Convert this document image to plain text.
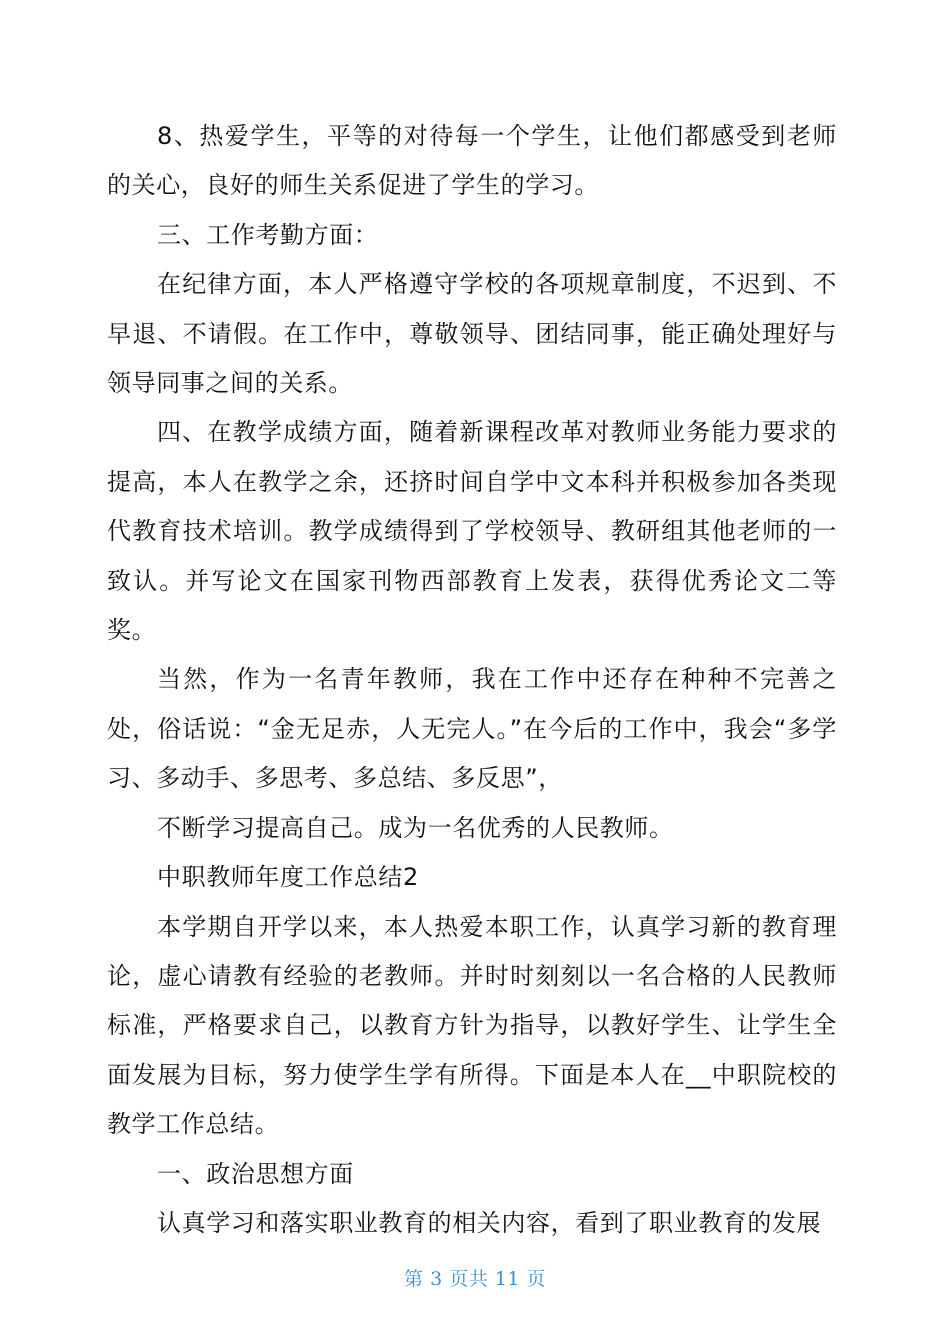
8、热爱学生，平等的对待每一个学生，让他们都感受到老师的关心，良好的师生关系促进了学生的学习。

三、工作考勤方面：

在纪律方面，本人严格遵守学校的各项规章制度，不迟到、不早退、不请假。在工作中，尊敬领导、团结同事，能正确处理好与领导同事之间的关系。

四、在教学成绩方面，随着新课程改革对教师业务能力要求的提高，本人在教学之余，还挤时间自学中文本科并积极参加各类现代教育技术培训。教学成绩得到了学校领导、教研组其他老师的一致认。并写论文在国家刊物西部教育上发表，获得优秀论文二等奖。

当然，作为一名青年教师，我在工作中还存在种种不完善之处，俗话说：“金无足赤，人无完人。”在今后的工作中，我会“多学习、多动手、多思考、多总结、多反思”，

不断学习提高自己。成为一名优秀的人民教师。

中职教师年度工作总结2

本学期自开学以来，本人热爱本职工作，认真学习新的教育理论，虚心请教有经验的老教师。并时时刻刻以一名合格的人民教师标准，严格要求自己，以教育方针为指导，以教好学生、让学生全面发展为目标，努力使学生学有所得。下面是本人在__中职院校的教学工作总结。

一、政治思想方面

认真学习和落实职业教育的相关内容，看到了职业教育的发展

第 3 页共 11 页
